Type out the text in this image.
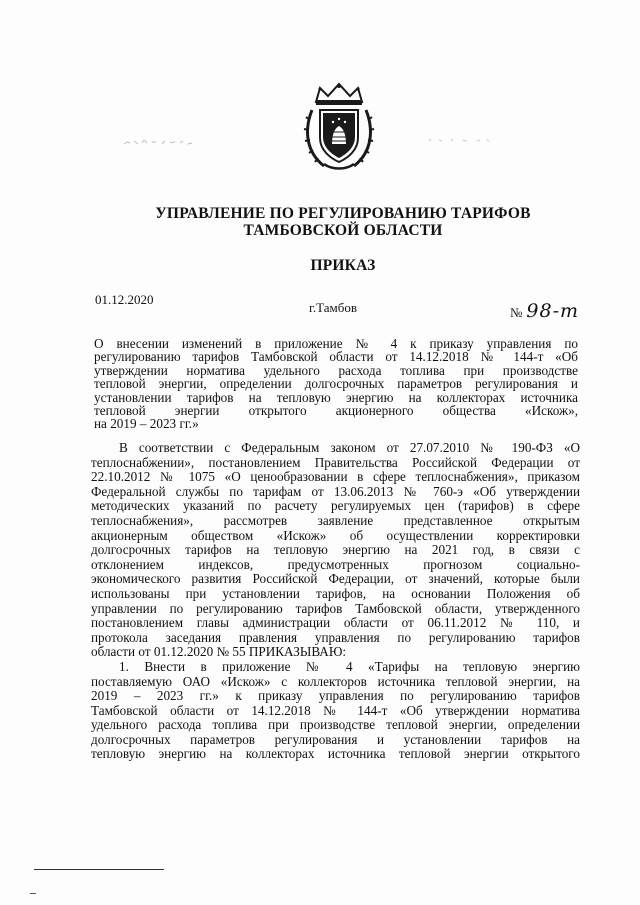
УПРАВЛЕНИЕ ПО РЕГУЛИРОВАНИЮ ТАРИФОВ
ТАМБОВСКОЙ ОБЛАСТИ
ПРИКАЗ
01.12.2020
г.Тамбов	№ 98-т
О внесении изменений в приложение № 4 к приказу управления по
регулированию тарифов Тамбовской области от 14.12.2018 № 144-т «Об
утверждении норматива удельного расхода топлива при производстве
тепловой энергии, определении долгосрочных параметров регулирования и
установлении тарифов на тепловую энергию на коллекторах источника
тепловой энергии открытого акционерного общества «Искож»,
на 2019 – 2023 гг.»
В соответствии с Федеральным законом от 27.07.2010 № 190-ФЗ «О
теплоснабжении», постановлением Правительства Российской Федерации от
22.10.2012 № 1075 «О ценообразовании в сфере теплоснабжения», приказом
Федеральной службы по тарифам от 13.06.2013 № 760-э «Об утверждении
методических указаний по расчету регулируемых цен (тарифов) в сфере
теплоснабжения», рассмотрев заявление представленное открытым
акционерным обществом «Искож» об осуществлении корректировки
долгосрочных тарифов на тепловую энергию на 2021 год, в связи с
отклонением индексов, предусмотренных прогнозом социально-
экономического развития Российской Федерации, от значений, которые были
использованы при установлении тарифов, на основании Положения об
управлении по регулированию тарифов Тамбовской области, утвержденного
постановлением главы администрации области от 06.11.2012 № 110, и
протокола заседания правления управления по регулированию тарифов
области от 01.12.2020 № 55 ПРИКАЗЫВАЮ:
1. Внести в приложение № 4 «Тарифы на тепловую энергию
поставляемую ОАО «Искож» с коллекторов источника тепловой энергии, на
2019 – 2023 гг.» к приказу управления по регулированию тарифов
Тамбовской области от 14.12.2018 № 144-т «Об утверждении норматива
удельного расхода топлива при производстве тепловой энергии, определении
долгосрочных параметров регулирования и установлении тарифов на
тепловую энергию на коллекторах источника тепловой энергии открытого
